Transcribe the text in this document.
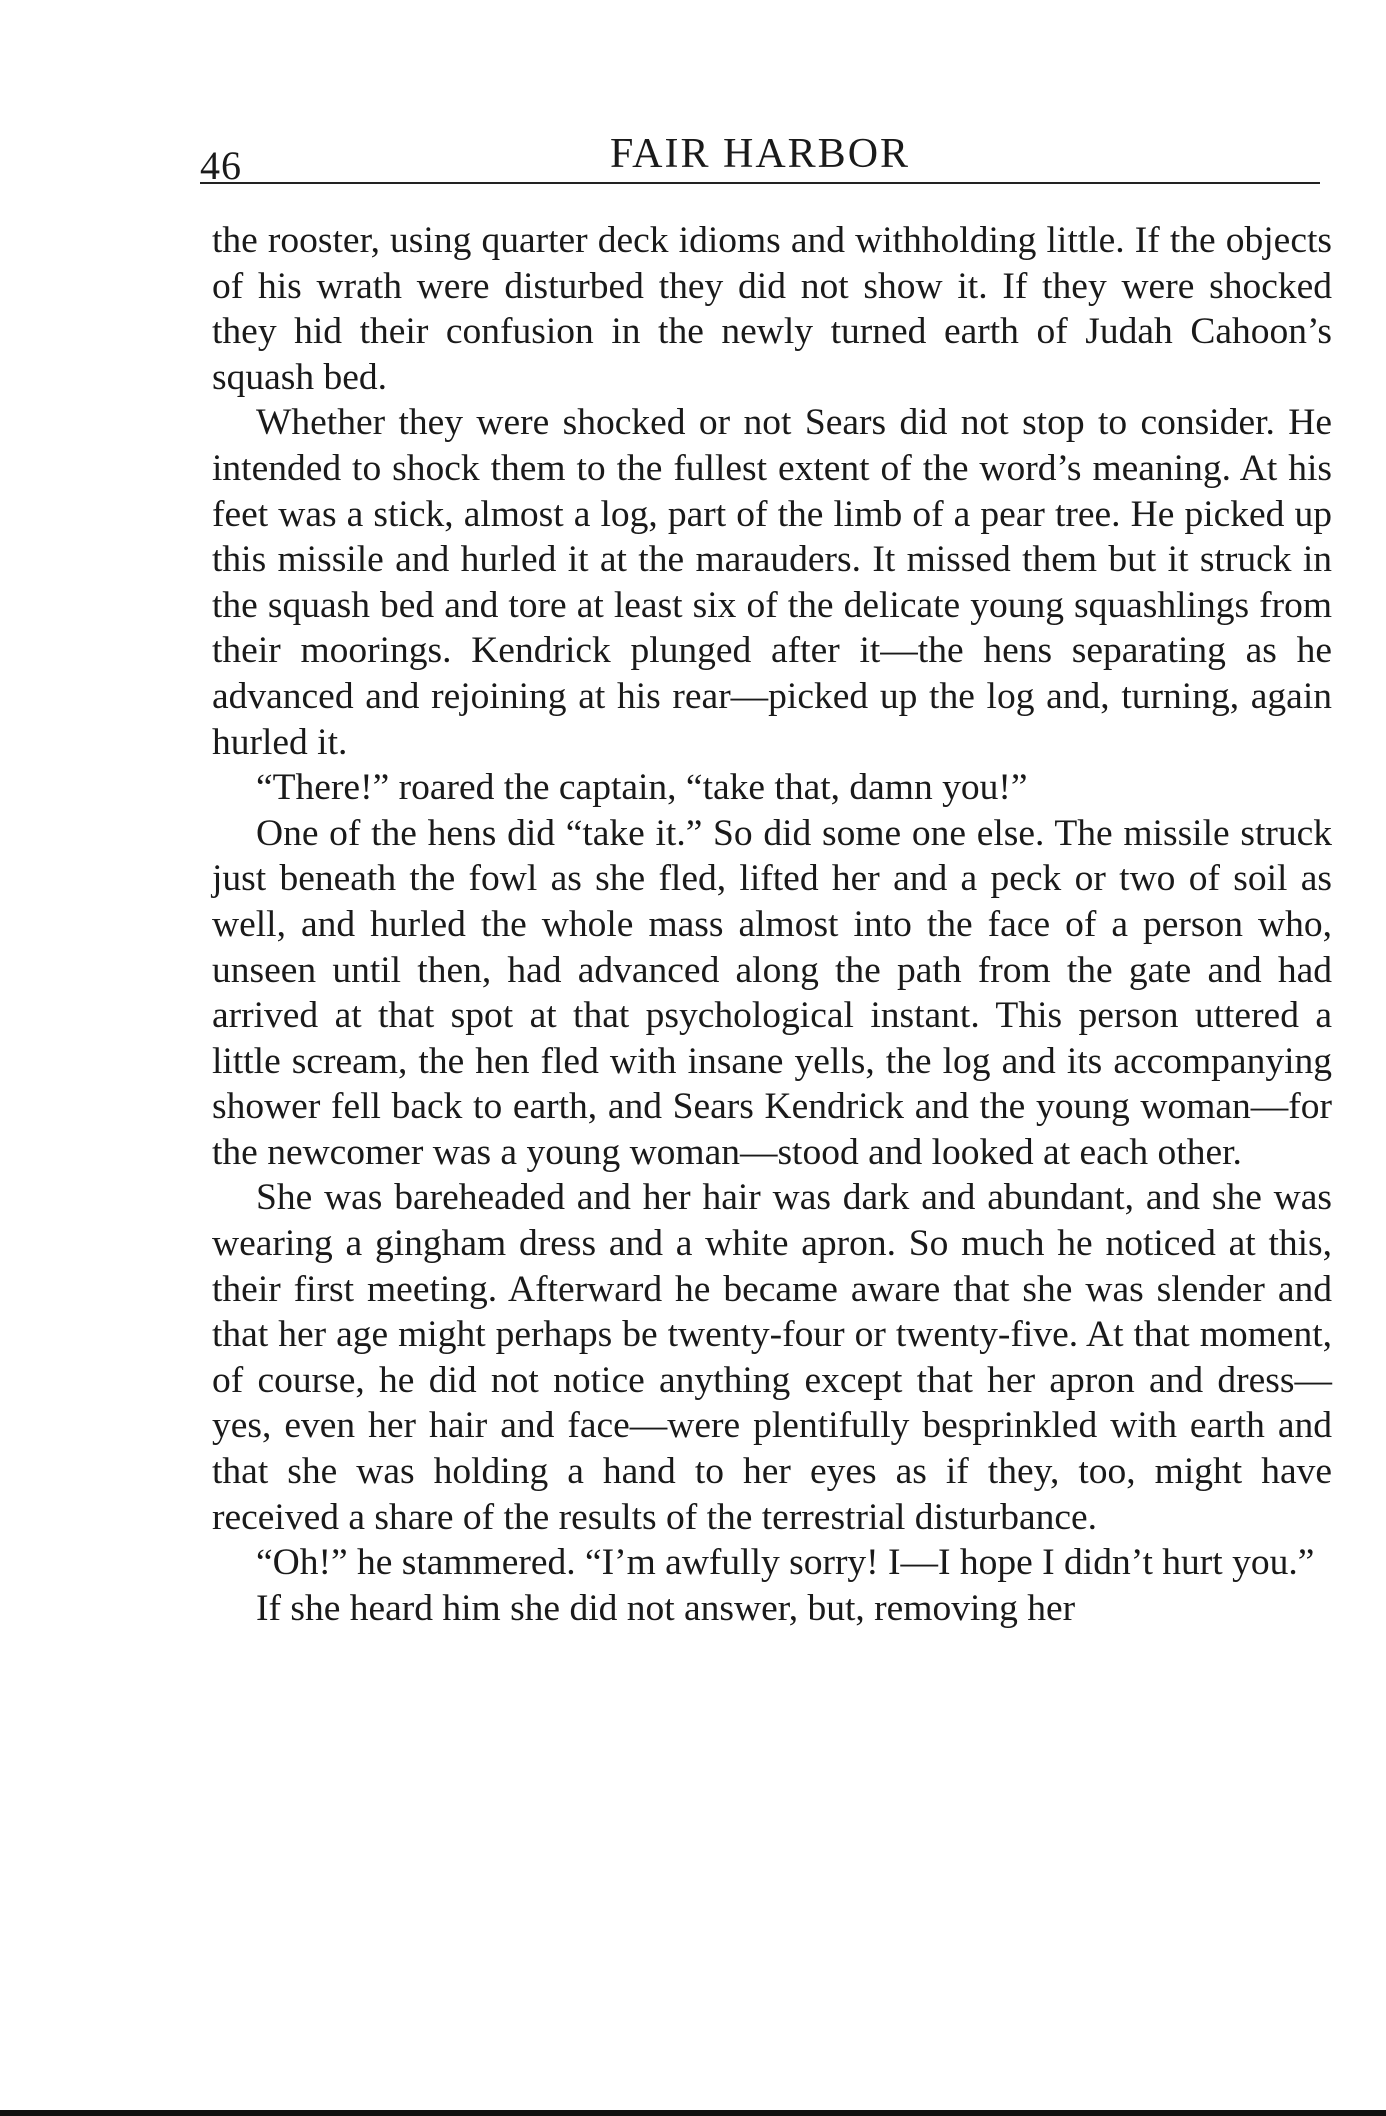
46	FAIR HARBOR

the rooster, using quarter deck idioms and withholding little. If the objects of his wrath were disturbed they did not show it. If they were shocked they hid their confusion in the newly turned earth of Judah Cahoon’s squash bed.

Whether they were shocked or not Sears did not stop to consider. He intended to shock them to the fullest extent of the word’s meaning. At his feet was a stick, almost a log, part of the limb of a pear tree. He picked up this missile and hurled it at the marauders. It missed them but it struck in the squash bed and tore at least six of the delicate young squashlings from their moorings. Kendrick plunged after it—the hens separating as he advanced and rejoining at his rear—picked up the log and, turning, again hurled it.

“There!” roared the captain, “take that, damn you!”

One of the hens did “take it.” So did some one else. The missile struck just beneath the fowl as she fled, lifted her and a peck or two of soil as well, and hurled the whole mass almost into the face of a person who, unseen until then, had advanced along the path from the gate and had arrived at that spot at that psychological instant. This person uttered a little scream, the hen fled with insane yells, the log and its accompanying shower fell back to earth, and Sears Kendrick and the young woman—for the newcomer was a young woman—stood and looked at each other.

She was bareheaded and her hair was dark and abundant, and she was wearing a gingham dress and a white apron. So much he noticed at this, their first meeting. Afterward he became aware that she was slender and that her age might perhaps be twenty-four or twenty-five. At that moment, of course, he did not notice anything except that her apron and dress—yes, even her hair and face—were plentifully besprinkled with earth and that she was holding a hand to her eyes as if they, too, might have received a share of the results of the terrestrial disturbance.

“Oh!” he stammered. “I’m awfully sorry! I—I hope I didn’t hurt you.”

If she heard him she did not answer, but, removing her
